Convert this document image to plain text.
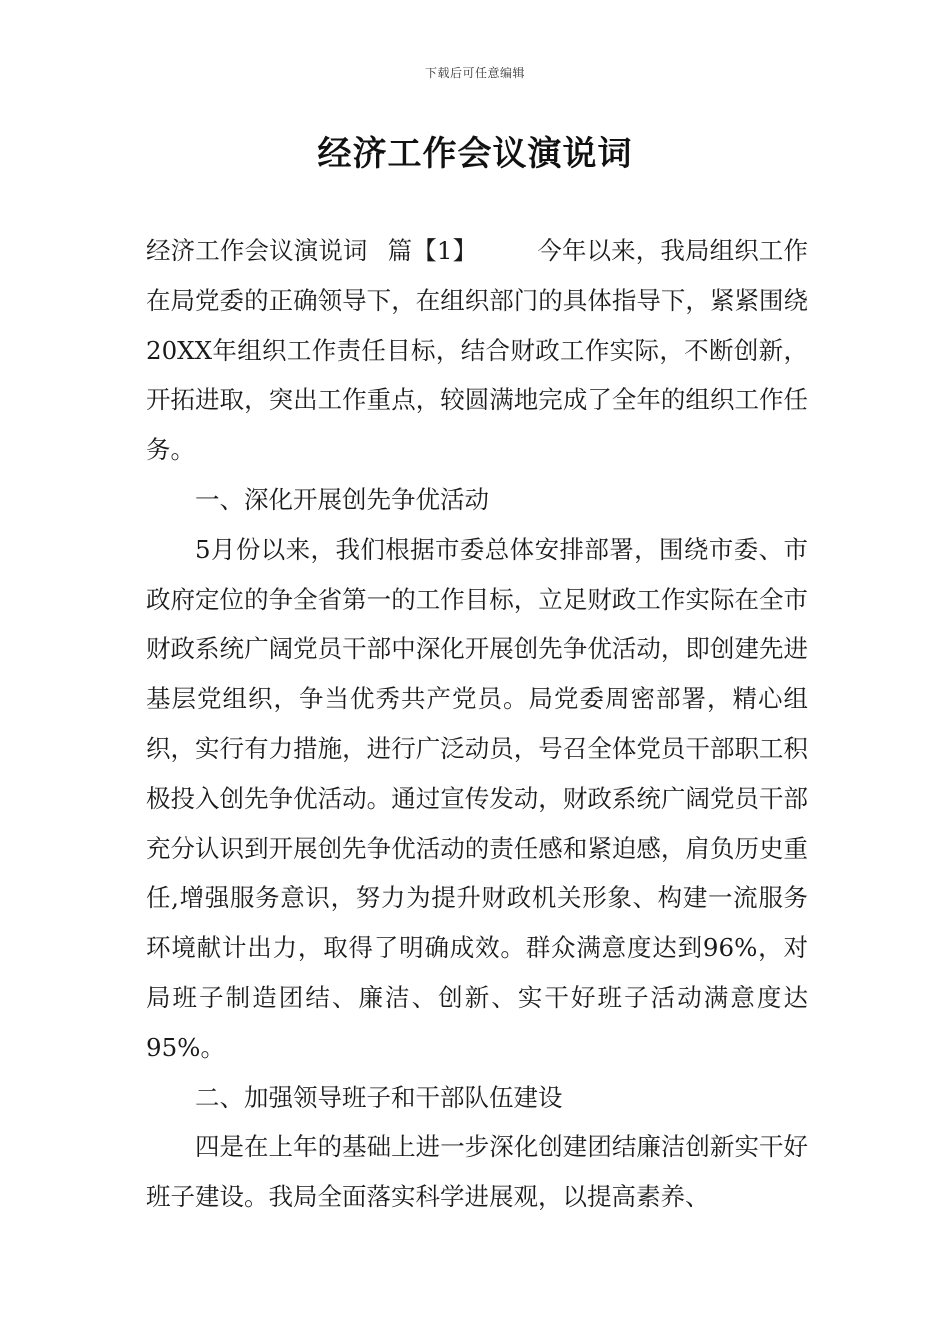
下载后可任意编辑
经济工作会议演说词

经济工作会议演说词 篇【1】 今年以来，我局组织工作在局党委的正确领导下，在组织部门的具体指导下，紧紧围绕20XX年组织工作责任目标，结合财政工作实际，不断创新，开拓进取，突出工作重点，较圆满地完成了全年的组织工作任务。

一、深化开展创先争优活动

5月份以来，我们根据市委总体安排部署，围绕市委、市政府定位的争全省第一的工作目标，立足财政工作实际在全市财政系统广阔党员干部中深化开展创先争优活动，即创建先进基层党组织，争当优秀共产党员。局党委周密部署，精心组织，实行有力措施，进行广泛动员，号召全体党员干部职工积极投入创先争优活动。通过宣传发动，财政系统广阔党员干部充分认识到开展创先争优活动的责任感和紧迫感，肩负历史重任,增强服务意识，努力为提升财政机关形象、构建一流服务环境献计出力，取得了明确成效。群众满意度达到96%，对局班子制造团结、廉洁、创新、实干好班子活动满意度达95%。

二、加强领导班子和干部队伍建设

四是在上年的基础上进一步深化创建团结廉洁创新实干好班子建设。我局全面落实科学进展观，以提高素养、
